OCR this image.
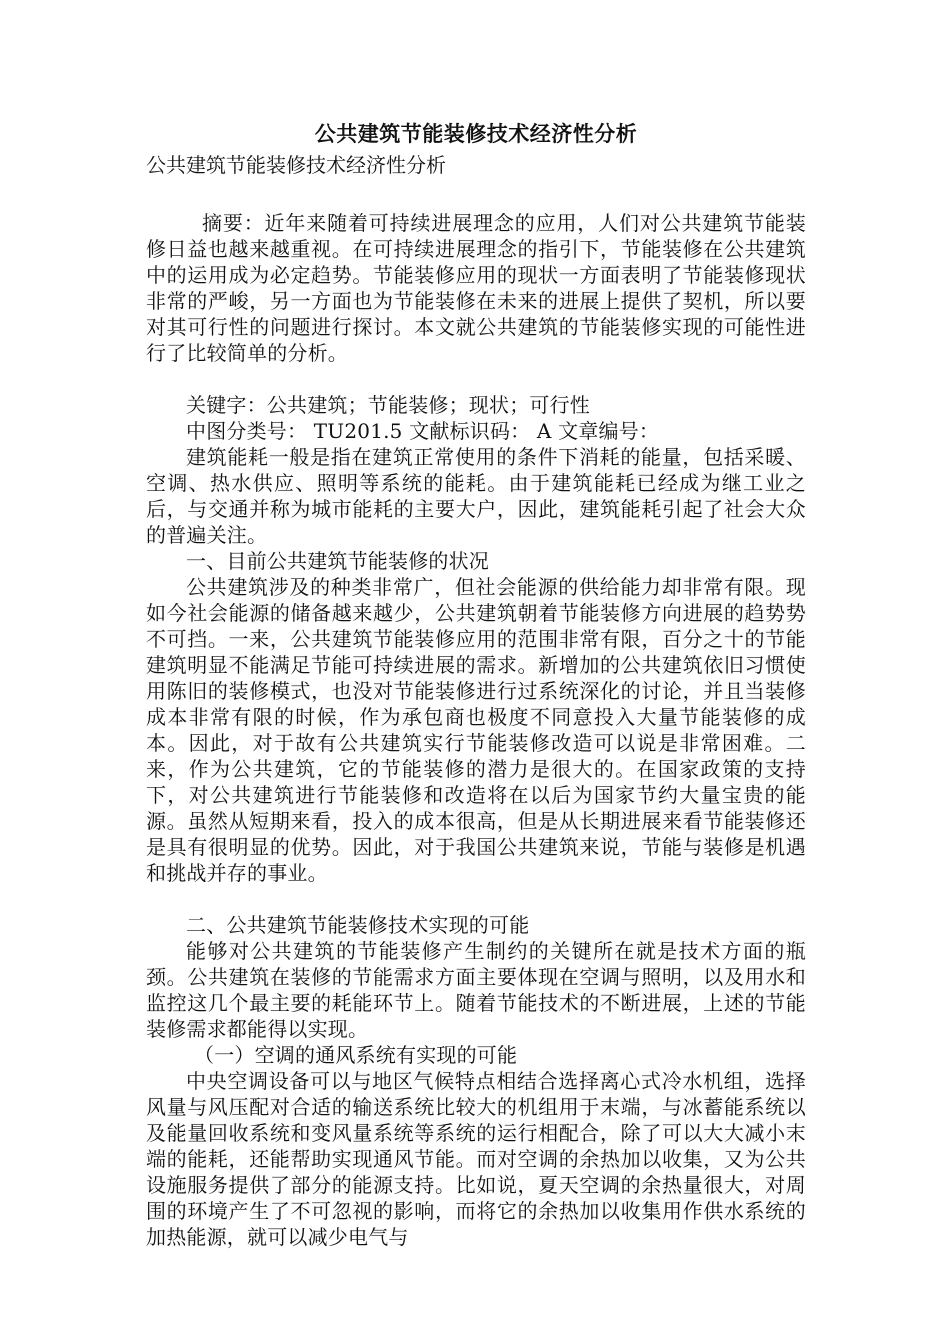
公共建筑节能装修技术经济性分析
公共建筑节能装修技术经济性分析

摘要：近年来随着可持续进展理念的应用，人们对公共建筑节能装修日益也越来越重视。在可持续进展理念的指引下，节能装修在公共建筑中的运用成为必定趋势。节能装修应用的现状一方面表明了节能装修现状非常的严峻，另一方面也为节能装修在未来的进展上提供了契机，所以要对其可行性的问题进行探讨。本文就公共建筑的节能装修实现的可能性进行了比较简单的分析。

关键字：公共建筑；节能装修；现状；可行性

中图分类号： TU201.5 文献标识码： A 文章编号：

建筑能耗一般是指在建筑正常使用的条件下消耗的能量，包括采暖、空调、热水供应、照明等系统的能耗。由于建筑能耗已经成为继工业之后，与交通并称为城市能耗的主要大户，因此，建筑能耗引起了社会大众的普遍关注。

一、目前公共建筑节能装修的状况

公共建筑涉及的种类非常广，但社会能源的供给能力却非常有限。现如今社会能源的储备越来越少，公共建筑朝着节能装修方向进展的趋势势不可挡。一来，公共建筑节能装修应用的范围非常有限，百分之十的节能建筑明显不能满足节能可持续进展的需求。新增加的公共建筑依旧习惯使用陈旧的装修模式，也没对节能装修进行过系统深化的讨论，并且当装修成本非常有限的时候，作为承包商也极度不同意投入大量节能装修的成本。因此，对于故有公共建筑实行节能装修改造可以说是非常困难。二来，作为公共建筑，它的节能装修的潜力是很大的。在国家政策的支持下，对公共建筑进行节能装修和改造将在以后为国家节约大量宝贵的能源。虽然从短期来看，投入的成本很高，但是从长期进展来看节能装修还是具有很明显的优势。因此，对于我国公共建筑来说，节能与装修是机遇和挑战并存的事业。

二、公共建筑节能装修技术实现的可能

能够对公共建筑的节能装修产生制约的关键所在就是技术方面的瓶颈。公共建筑在装修的节能需求方面主要体现在空调与照明，以及用水和监控这几个最主要的耗能环节上。随着节能技术的不断进展，上述的节能装修需求都能得以实现。

（一）空调的通风系统有实现的可能

中央空调设备可以与地区气候特点相结合选择离心式冷水机组，选择风量与风压配对合适的输送系统比较大的机组用于末端，与冰蓄能系统以及能量回收系统和变风量系统等系统的运行相配合，除了可以大大减小末端的能耗，还能帮助实现通风节能。而对空调的余热加以收集，又为公共设施服务提供了部分的能源支持。比如说，夏天空调的余热量很大，对周围的环境产生了不可忽视的影响，而将它的余热加以收集用作供水系统的加热能源，就可以减少电气与
